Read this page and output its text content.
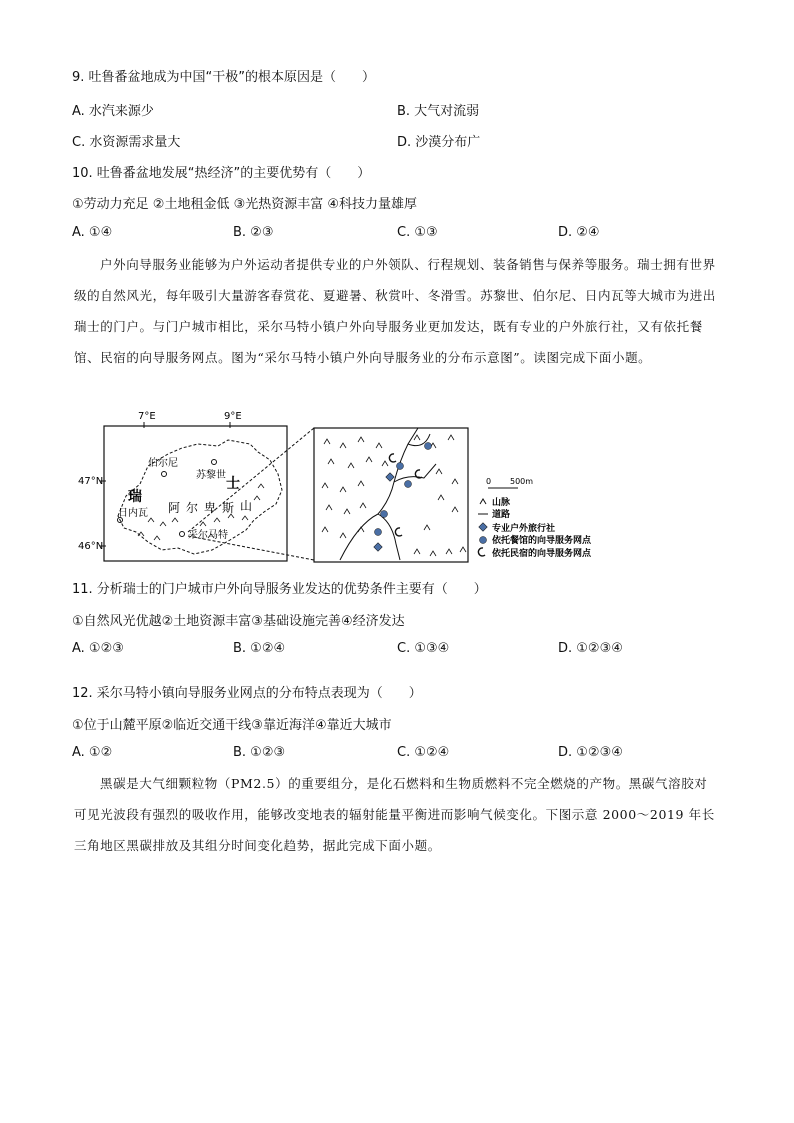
9. 吐鲁番盆地成为中国“干极”的根本原因是（　　）
A. 水汽来源少	B. 大气对流弱
C. 水资源需求量大	D. 沙漠分布广
10. 吐鲁番盆地发展“热经济”的主要优势有（　　）
①劳动力充足 ②土地租金低 ③光热资源丰富 ④科技力量雄厚
A. ①④	B. ②③	C. ①③	D. ②④
户外向导服务业能够为户外运动者提供专业的户外领队、行程规划、装备销售与保养等服务。瑞士拥有世界级的自然风光，每年吸引大量游客春赏花、夏避暑、秋赏叶、冬滑雪。苏黎世、伯尔尼、日内瓦等大城市为进出瑞士的门户。与门户城市相比，采尔马特小镇户外向导服务业更加发达，既有专业的户外旅行社，又有依托餐馆、民宿的向导服务网点。图为“采尔马特小镇户外向导服务业的分布示意图”。读图完成下面小题。
7°E	9°E
47°N
46°N
伯尔尼
苏黎世
日内瓦
采尔马特
瑞
士
阿 尔 卑 斯 山
0 500m
山脉
道路
专业户外旅行社
依托餐馆的向导服务网点
依托民宿的向导服务网点
11. 分析瑞士的门户城市户外向导服务业发达的优势条件主要有（　　）
①自然风光优越②土地资源丰富③基础设施完善④经济发达
A. ①②③	B. ①②④	C. ①③④	D. ①②③④
12. 采尔马特小镇向导服务业网点的分布特点表现为（　　）
①位于山麓平原②临近交通干线③靠近海洋④靠近大城市
A. ①②	B. ①②③	C. ①②④	D. ①②③④
黑碳是大气细颗粒物（PM2.5）的重要组分，是化石燃料和生物质燃料不完全燃烧的产物。黑碳气溶胶对可见光波段有强烈的吸收作用，能够改变地表的辐射能量平衡进而影响气候变化。下图示意 2000～2019 年长三角地区黑碳排放及其组分时间变化趋势，据此完成下面小题。
